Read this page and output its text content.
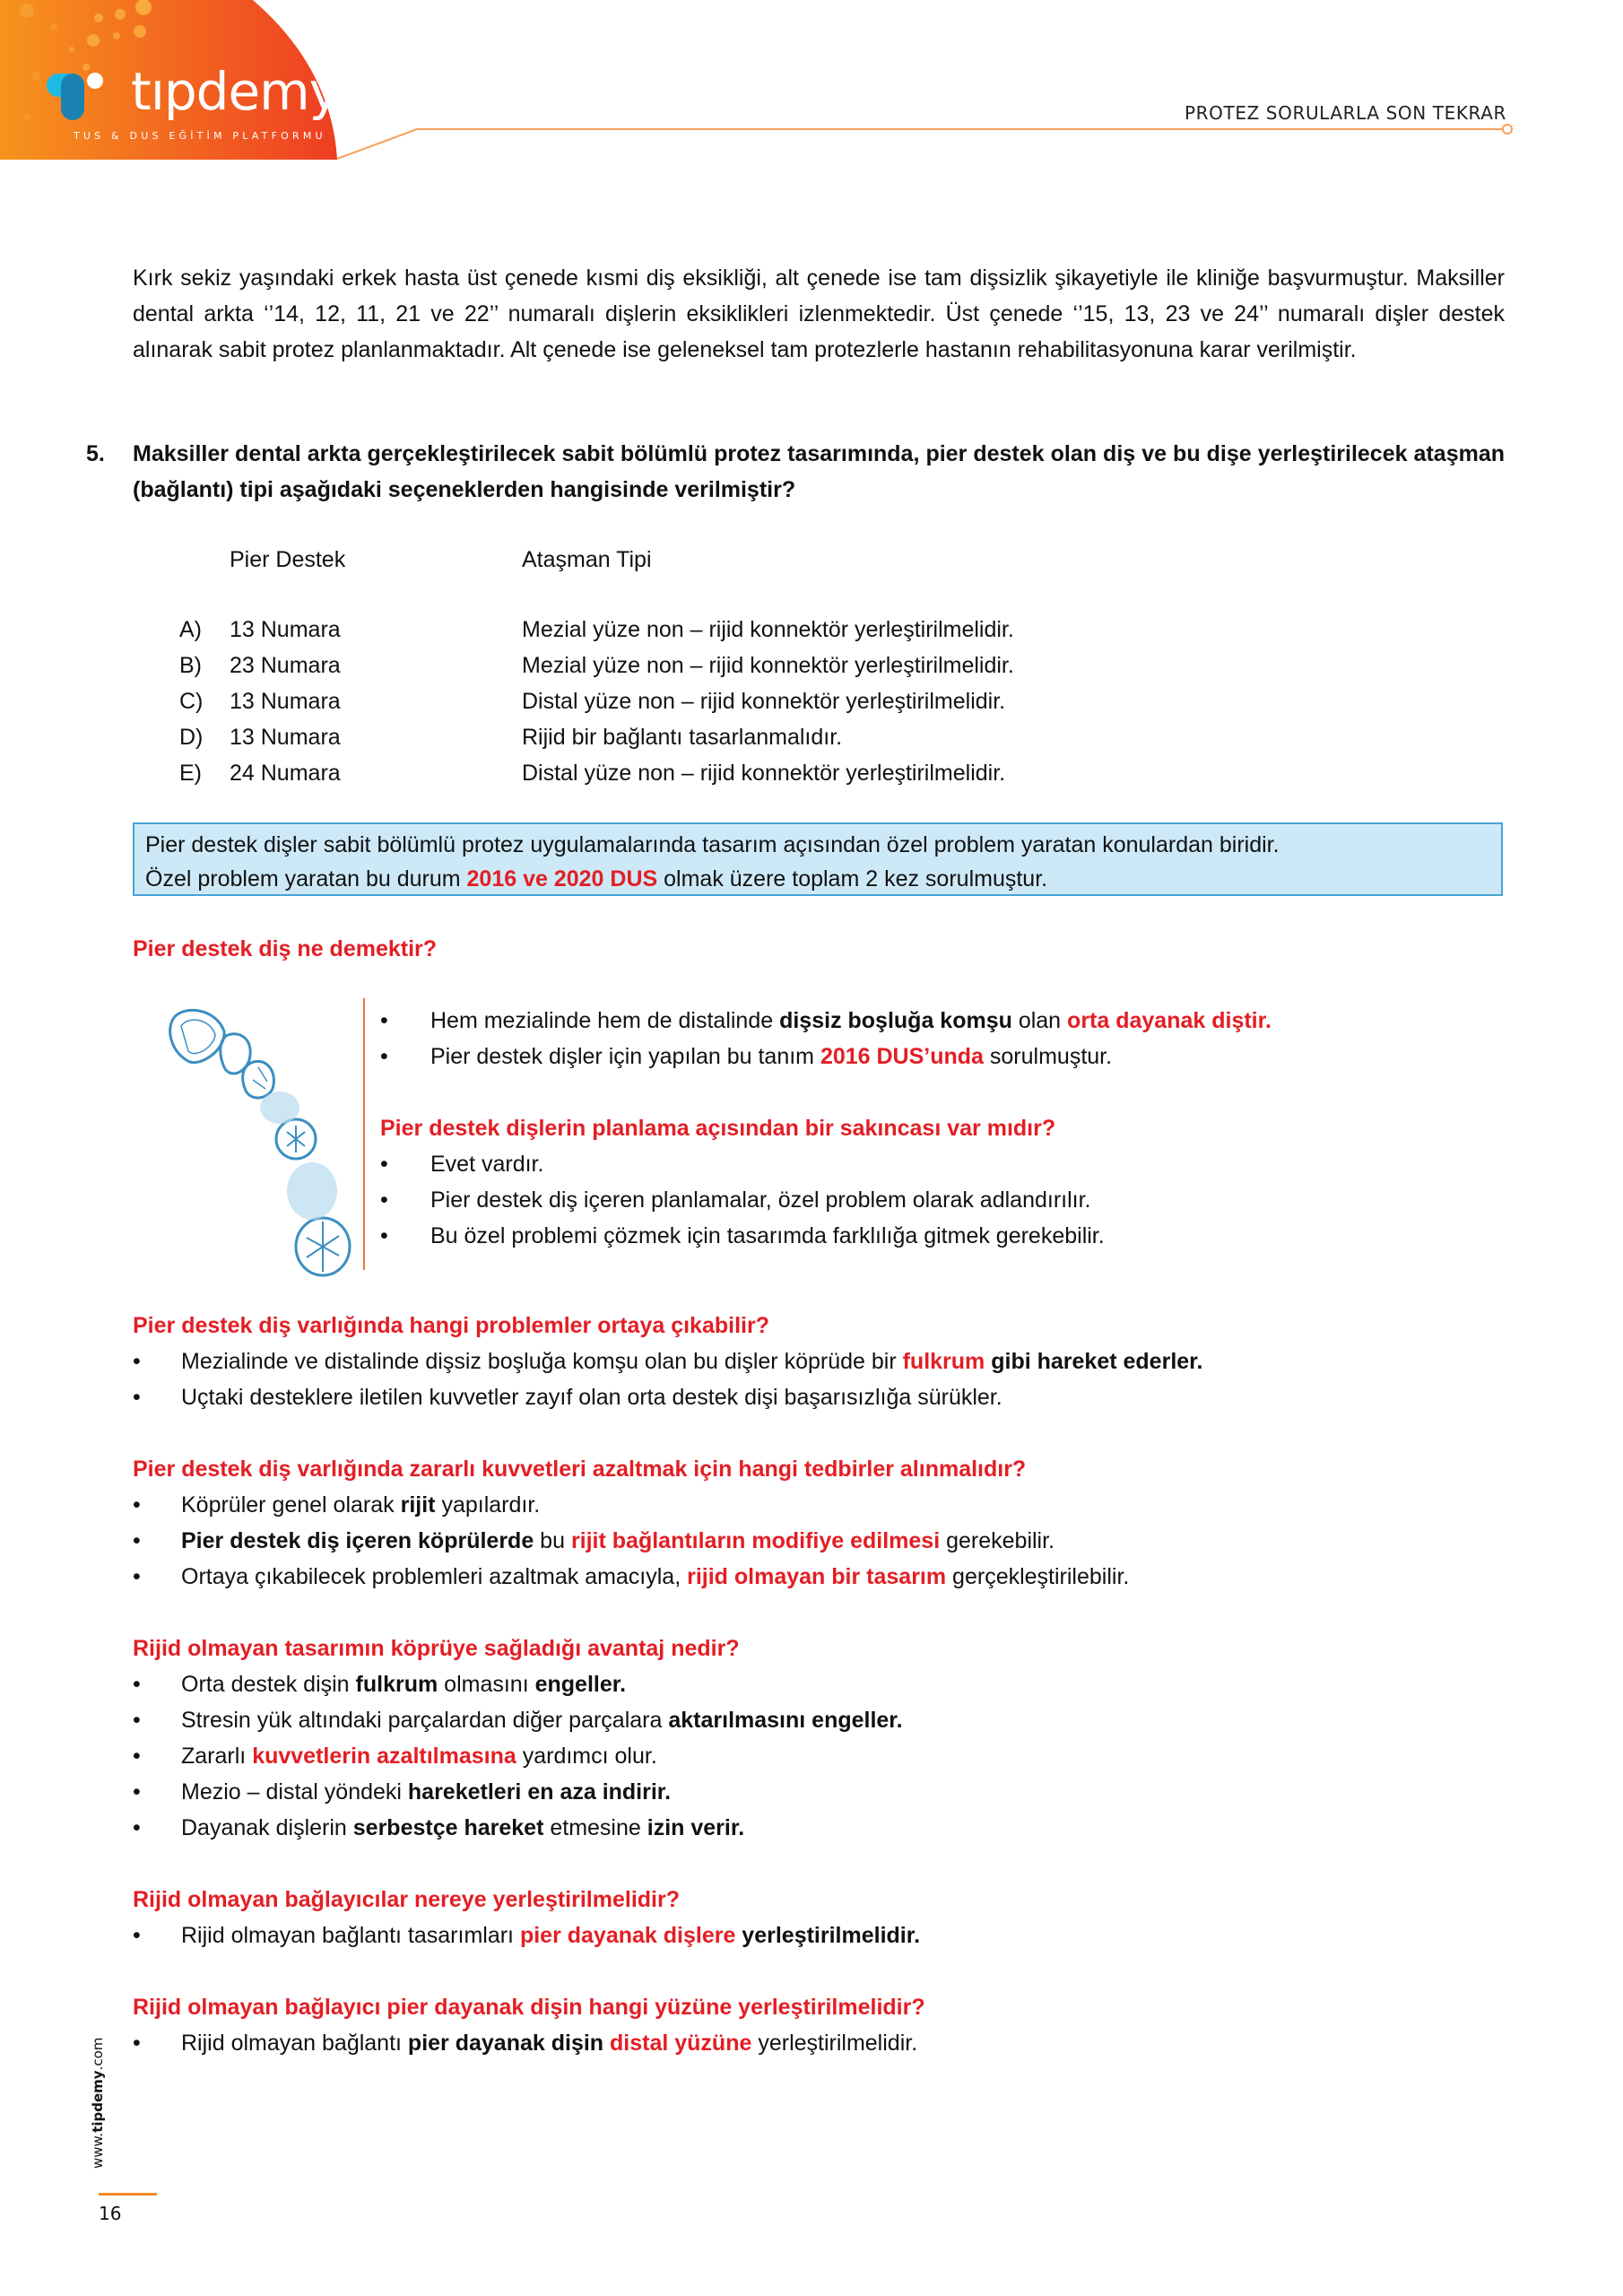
tıpdemy
TUS & DUS EĞİTİM PLATFORMU
PROTEZ SORULARLA SON TEKRAR

Kırk sekiz yaşındaki erkek hasta üst çenede kısmi diş eksikliği, alt çenede ise tam dişsizlik şikayetiyle ile kliniğe başvurmuştur. Maksiller dental arkta ‘’14, 12, 11, 21 ve 22’’ numaralı dişlerin eksiklikleri izlenmektedir. Üst çenede ‘’15, 13, 23 ve 24’’ numaralı dişler destek alınarak sabit protez planlanmaktadır. Alt çenede ise geleneksel tam protezlerle hastanın rehabilitasyonuna karar verilmiştir.

5. Maksiller dental arkta gerçekleştirilecek sabit bölümlü protez tasarımında, pier destek olan diş ve bu dişe yerleştirilecek ataşman (bağlantı) tipi aşağıdaki seçeneklerden hangisinde verilmiştir?
Pier Destek	Ataşman Tipi
A) 13 Numara	Mezial yüze non – rijid konnektör yerleştirilmelidir.
B) 23 Numara	Mezial yüze non – rijid konnektör yerleştirilmelidir.
C) 13 Numara	Distal yüze non – rijid konnektör yerleştirilmelidir.
D) 13 Numara	Rijid bir bağlantı tasarlanmalıdır.
E) 24 Numara	Distal yüze non – rijid konnektör yerleştirilmelidir.
Pier destek dişler sabit bölümlü protez uygulamalarında tasarım açısından özel problem yaratan konulardan biridir.
Özel problem yaratan bu durum 2016 ve 2020 DUS olmak üzere toplam 2 kez sorulmuştur.
Pier destek diş ne demektir?
• Hem mezialinde hem de distalinde dişsiz boşluğa komşu olan orta dayanak diştir.
• Pier destek dişler için yapılan bu tanım 2016 DUS’unda sorulmuştur.
Pier destek dişlerin planlama açısından bir sakıncası var mıdır?
• Evet vardır.
• Pier destek diş içeren planlamalar, özel problem olarak adlandırılır.
• Bu özel problemi çözmek için tasarımda farklılığa gitmek gerekebilir.
Pier destek diş varlığında hangi problemler ortaya çıkabilir?
• Mezialinde ve distalinde dişsiz boşluğa komşu olan bu dişler köprüde bir fulkrum gibi hareket ederler.
• Uçtaki desteklere iletilen kuvvetler zayıf olan orta destek dişi başarısızlığa sürükler.
Pier destek diş varlığında zararlı kuvvetleri azaltmak için hangi tedbirler alınmalıdır?
• Köprüler genel olarak rijit yapılardır.
• Pier destek diş içeren köprülerde bu rijit bağlantıların modifiye edilmesi gerekebilir.
• Ortaya çıkabilecek problemleri azaltmak amacıyla, rijid olmayan bir tasarım gerçekleştirilebilir.
Rijid olmayan tasarımın köprüye sağladığı avantaj nedir?
• Orta destek dişin fulkrum olmasını engeller.
• Stresin yük altındaki parçalardan diğer parçalara aktarılmasını engeller.
• Zararlı kuvvetlerin azaltılmasına yardımcı olur.
• Mezio – distal yöndeki hareketleri en aza indirir.
• Dayanak dişlerin serbestçe hareket etmesine izin verir.
Rijid olmayan bağlayıcılar nereye yerleştirilmelidir?
• Rijid olmayan bağlantı tasarımları pier dayanak dişlere yerleştirilmelidir.
Rijid olmayan bağlayıcı pier dayanak dişin hangi yüzüne yerleştirilmelidir?
• Rijid olmayan bağlantı pier dayanak dişin distal yüzüne yerleştirilmelidir.
www.tipdemy.com
16
